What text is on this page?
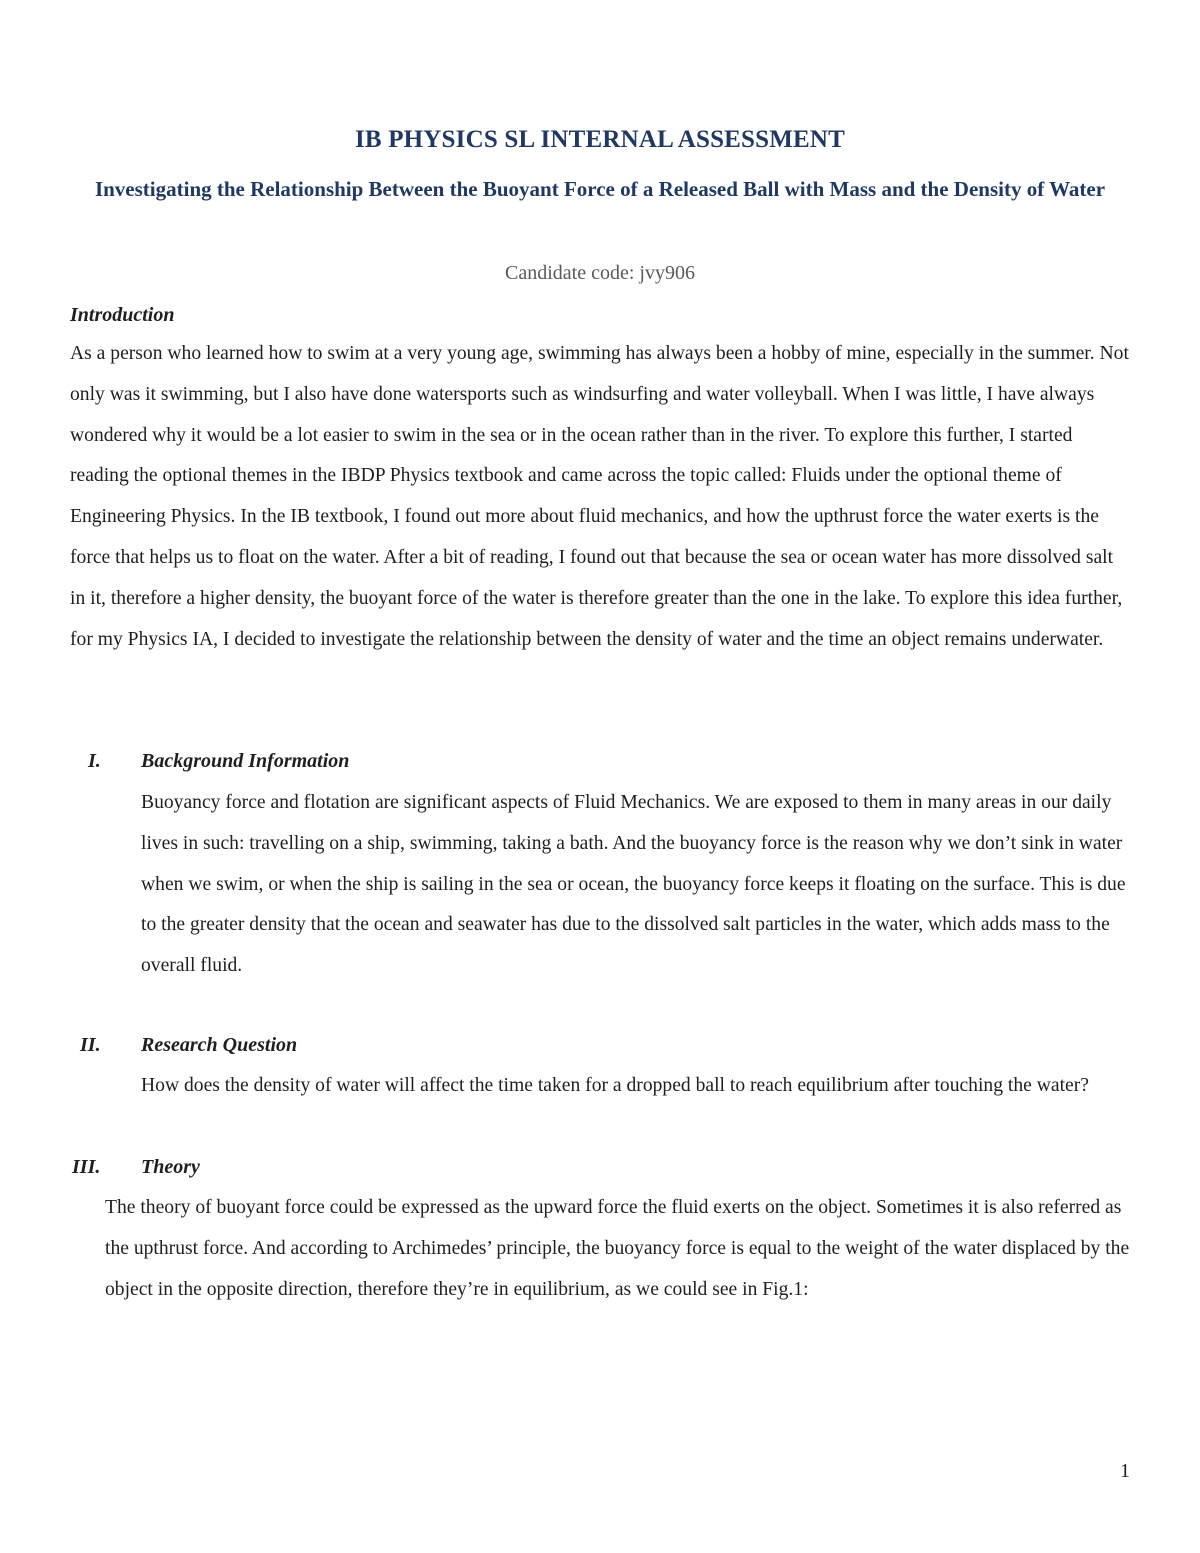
IB PHYSICS SL INTERNAL ASSESSMENT
Investigating the Relationship Between the Buoyant Force of a Released Ball with Mass and the Density of Water
Candidate code: jvy906
Introduction
As a person who learned how to swim at a very young age, swimming has always been a hobby of mine, especially in the summer. Not only was it swimming, but I also have done watersports such as windsurfing and water volleyball. When I was little, I have always wondered why it would be a lot easier to swim in the sea or in the ocean rather than in the river. To explore this further, I started reading the optional themes in the IBDP Physics textbook and came across the topic called: Fluids under the optional theme of Engineering Physics. In the IB textbook, I found out more about fluid mechanics, and how the upthrust force the water exerts is the force that helps us to float on the water. After a bit of reading, I found out that because the sea or ocean water has more dissolved salt in it, therefore a higher density, the buoyant force of the water is therefore greater than the one in the lake. To explore this idea further, for my Physics IA, I decided to investigate the relationship between the density of water and the time an object remains underwater.
I. Background Information
Buoyancy force and flotation are significant aspects of Fluid Mechanics. We are exposed to them in many areas in our daily lives in such: travelling on a ship, swimming, taking a bath. And the buoyancy force is the reason why we don’t sink in water when we swim, or when the ship is sailing in the sea or ocean, the buoyancy force keeps it floating on the surface. This is due to the greater density that the ocean and seawater has due to the dissolved salt particles in the water, which adds mass to the overall fluid.
II. Research Question
How does the density of water will affect the time taken for a dropped ball to reach equilibrium after touching the water?
III. Theory
The theory of buoyant force could be expressed as the upward force the fluid exerts on the object. Sometimes it is also referred as the upthrust force. And according to Archimedes’ principle, the buoyancy force is equal to the weight of the water displaced by the object in the opposite direction, therefore they’re in equilibrium, as we could see in Fig.1:
1
